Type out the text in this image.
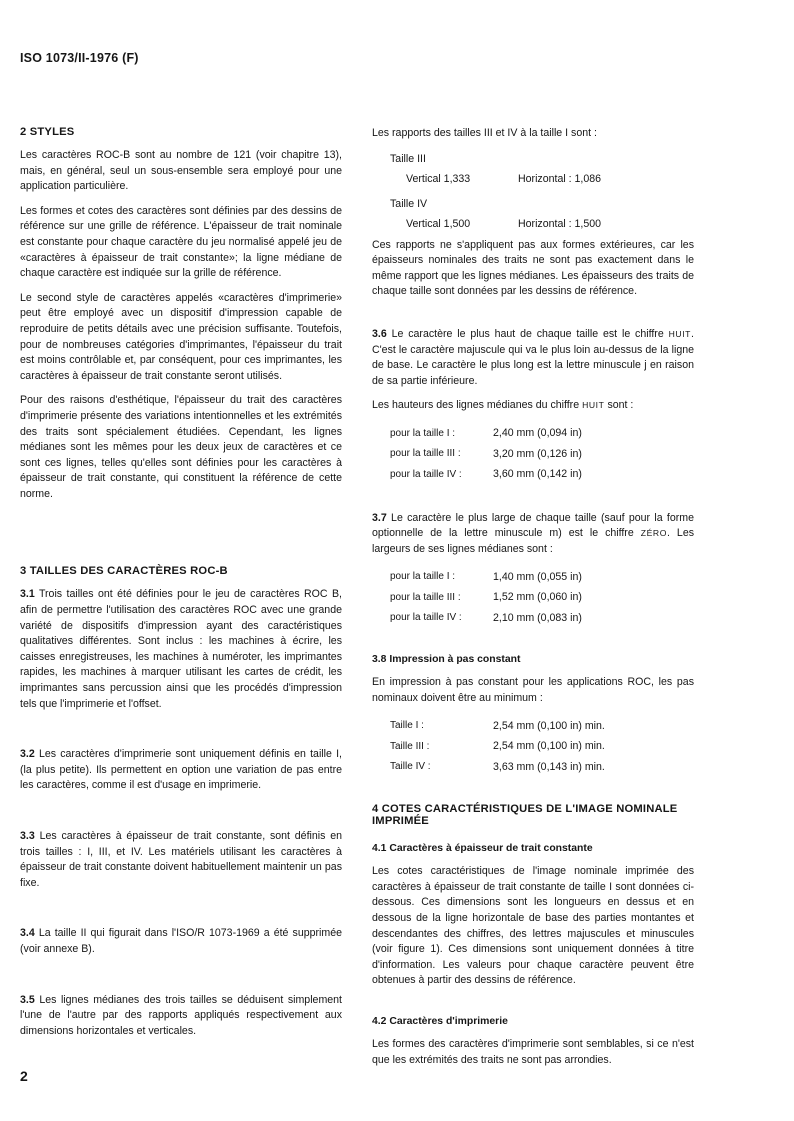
ISO 1073/II-1976 (F)
2 STYLES

Les caractères ROC-B sont au nombre de 121 (voir chapitre 13), mais, en général, seul un sous-ensemble sera employé pour une application particulière.

Les formes et cotes des caractères sont définies par des dessins de référence sur une grille de référence. L'épaisseur de trait nominale est constante pour chaque caractère du jeu normalisé appelé jeu de «caractères à épaisseur de trait constante»; la ligne médiane de chaque caractère est indiquée sur la grille de référence.

Le second style de caractères appelés «caractères d'imprimerie» peut être employé avec un dispositif d'impression capable de reproduire de petits détails avec une précision suffisante. Toutefois, pour de nombreuses catégories d'imprimantes, l'épaisseur du trait est moins contrôlable et, par conséquent, pour ces imprimantes, les caractères à épaisseur de trait constante seront utilisés.

Pour des raisons d'esthétique, l'épaisseur du trait des caractères d'imprimerie présente des variations intentionnelles et les extrémités des traits sont spécialement étudiées. Cependant, les lignes médianes sont les mêmes pour les deux jeux de caractères et ce sont ces lignes, telles qu'elles sont définies pour les caractères à épaisseur de trait constante, qui constituent la référence de cette norme.

3 TAILLES DES CARACTÈRES ROC-B

3.1 Trois tailles ont été définies pour le jeu de caractères ROC B, afin de permettre l'utilisation des caractères ROC avec une grande variété de dispositifs d'impression ayant des caractéristiques qualitatives différentes. Sont inclus : les machines à écrire, les caisses enregistreuses, les machines à numéroter, les imprimantes rapides, les machines à marquer utilisant les cartes de crédit, les imprimantes sans percussion ainsi que les procédés d'impression tels que l'imprimerie et l'offset.

3.2 Les caractères d'imprimerie sont uniquement définis en taille I, (la plus petite). Ils permettent en option une variation de pas entre les caractères, comme il est d'usage en imprimerie.

3.3 Les caractères à épaisseur de trait constante, sont définis en trois tailles : I, III, et IV. Les matériels utilisant les caractères à épaisseur de trait constante doivent habituellement maintenir un pas fixe.

3.4 La taille II qui figurait dans l'ISO/R 1073-1969 a été supprimée (voir annexe B).

3.5 Les lignes médianes des trois tailles se déduisent simplement l'une de l'autre par des rapports appliqués respectivement aux dimensions horizontales et verticales.

Les rapports des tailles III et IV à la taille I sont :

Taille III
Vertical 1,333	Horizontal : 1,086
Taille IV
Vertical 1,500	Horizontal : 1,500

Ces rapports ne s'appliquent pas aux formes extérieures, car les épaisseurs nominales des traits ne sont pas exactement dans le même rapport que les lignes médianes. Les épaisseurs des traits de chaque taille sont données par les dessins de référence.

3.6 Le caractère le plus haut de chaque taille est le chiffre HUIT. C'est le caractère majuscule qui va le plus loin au-dessus de la ligne de base. Le caractère le plus long est la lettre minuscule j en raison de sa partie inférieure.

Les hauteurs des lignes médianes du chiffre HUIT sont :

pour la taille I :	2,40 mm (0,094 in)
pour la taille III :	3,20 mm (0,126 in)
pour la taille IV :	3,60 mm (0,142 in)

3.7 Le caractère le plus large de chaque taille (sauf pour la forme optionnelle de la lettre minuscule m) est le chiffre ZÉRO. Les largeurs de ses lignes médianes sont :

pour la taille I :	1,40 mm (0,055 in)
pour la taille III :	1,52 mm (0,060 in)
pour la taille IV :	2,10 mm (0,083 in)
3.8 Impression à pas constant

En impression à pas constant pour les applications ROC, les pas nominaux doivent être au minimum :

Taille I :	2,54 mm (0,100 in) min.
Taille III :	2,54 mm (0,100 in) min.
Taille IV :	3,63 mm (0,143 in) min.
4 COTES CARACTÉRISTIQUES DE L'IMAGE NOMINALE IMPRIMÉE
4.1 Caractères à épaisseur de trait constante

Les cotes caractéristiques de l'image nominale imprimée des caractères à épaisseur de trait constante de taille I sont données ci-dessous. Ces dimensions sont les longueurs en dessus et en dessous de la ligne horizontale de base des parties montantes et descendantes des chiffres, des lettres majuscules et minuscules (voir figure 1). Ces dimensions sont uniquement données à titre d'information. Les valeurs pour chaque caractère peuvent être obtenues à partir des dessins de référence.

4.2 Caractères d'imprimerie

Les formes des caractères d'imprimerie sont semblables, si ce n'est que les extrémités des traits ne sont pas arrondies.

2
